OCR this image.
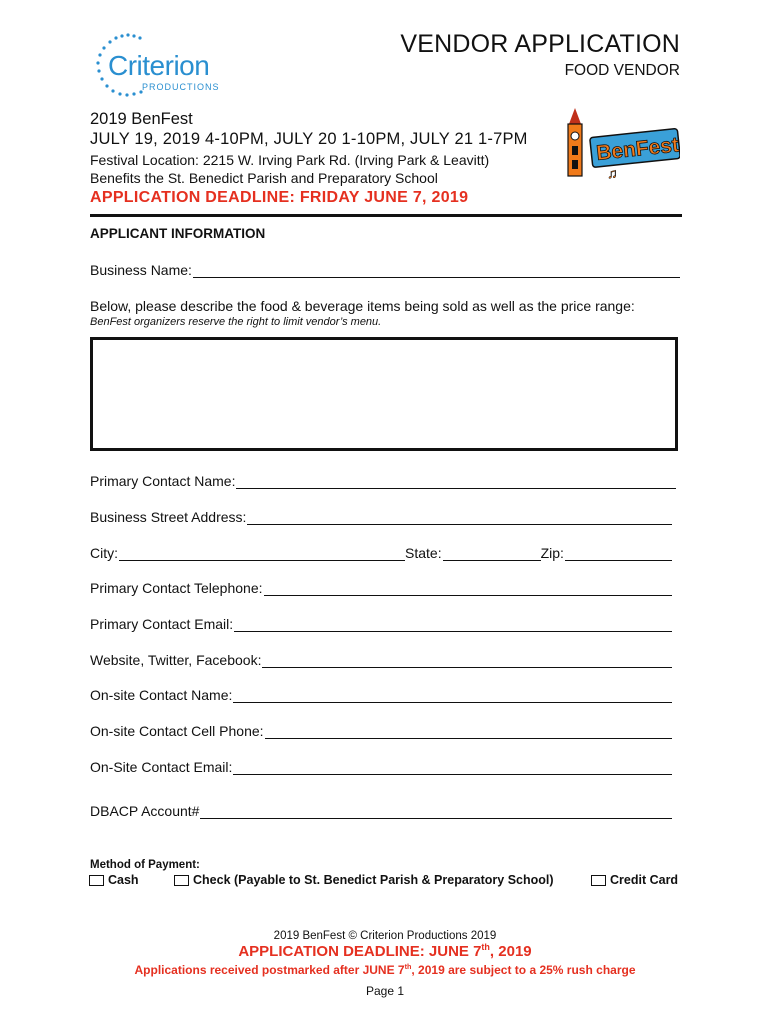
Criterion
PRODUCTIONS
VENDOR APPLICATION
FOOD VENDOR
2019 BenFest
JULY 19, 2019 4-10PM, JULY 20 1-10PM, JULY 21 1-7PM
Festival Location: 2215 W. Irving Park Rd. (Irving Park & Leavitt)
Benefits the St. Benedict Parish and Preparatory School
APPLICATION DEADLINE: FRIDAY JUNE 7, 2019
BenFest
♫
APPLICANT INFORMATION
Business Name:
Below, please describe the food & beverage items being sold as well as the price range:
BenFest organizers reserve the right to limit vendor’s menu.
Primary Contact Name:
Business Street Address:
City:	State:	Zip:
Primary Contact Telephone:
Primary Contact Email:
Website, Twitter, Facebook:
On-site Contact Name:
On-site Contact Cell Phone:
On-Site Contact Email:
DBACP Account#
Method of Payment:
Cash	Check (Payable to St. Benedict Parish & Preparatory School)	Credit Card
2019 BenFest © Criterion Productions 2019
APPLICATION DEADLINE: JUNE 7th, 2019
Applications received postmarked after JUNE 7th, 2019 are subject to a 25% rush charge
Page 1
